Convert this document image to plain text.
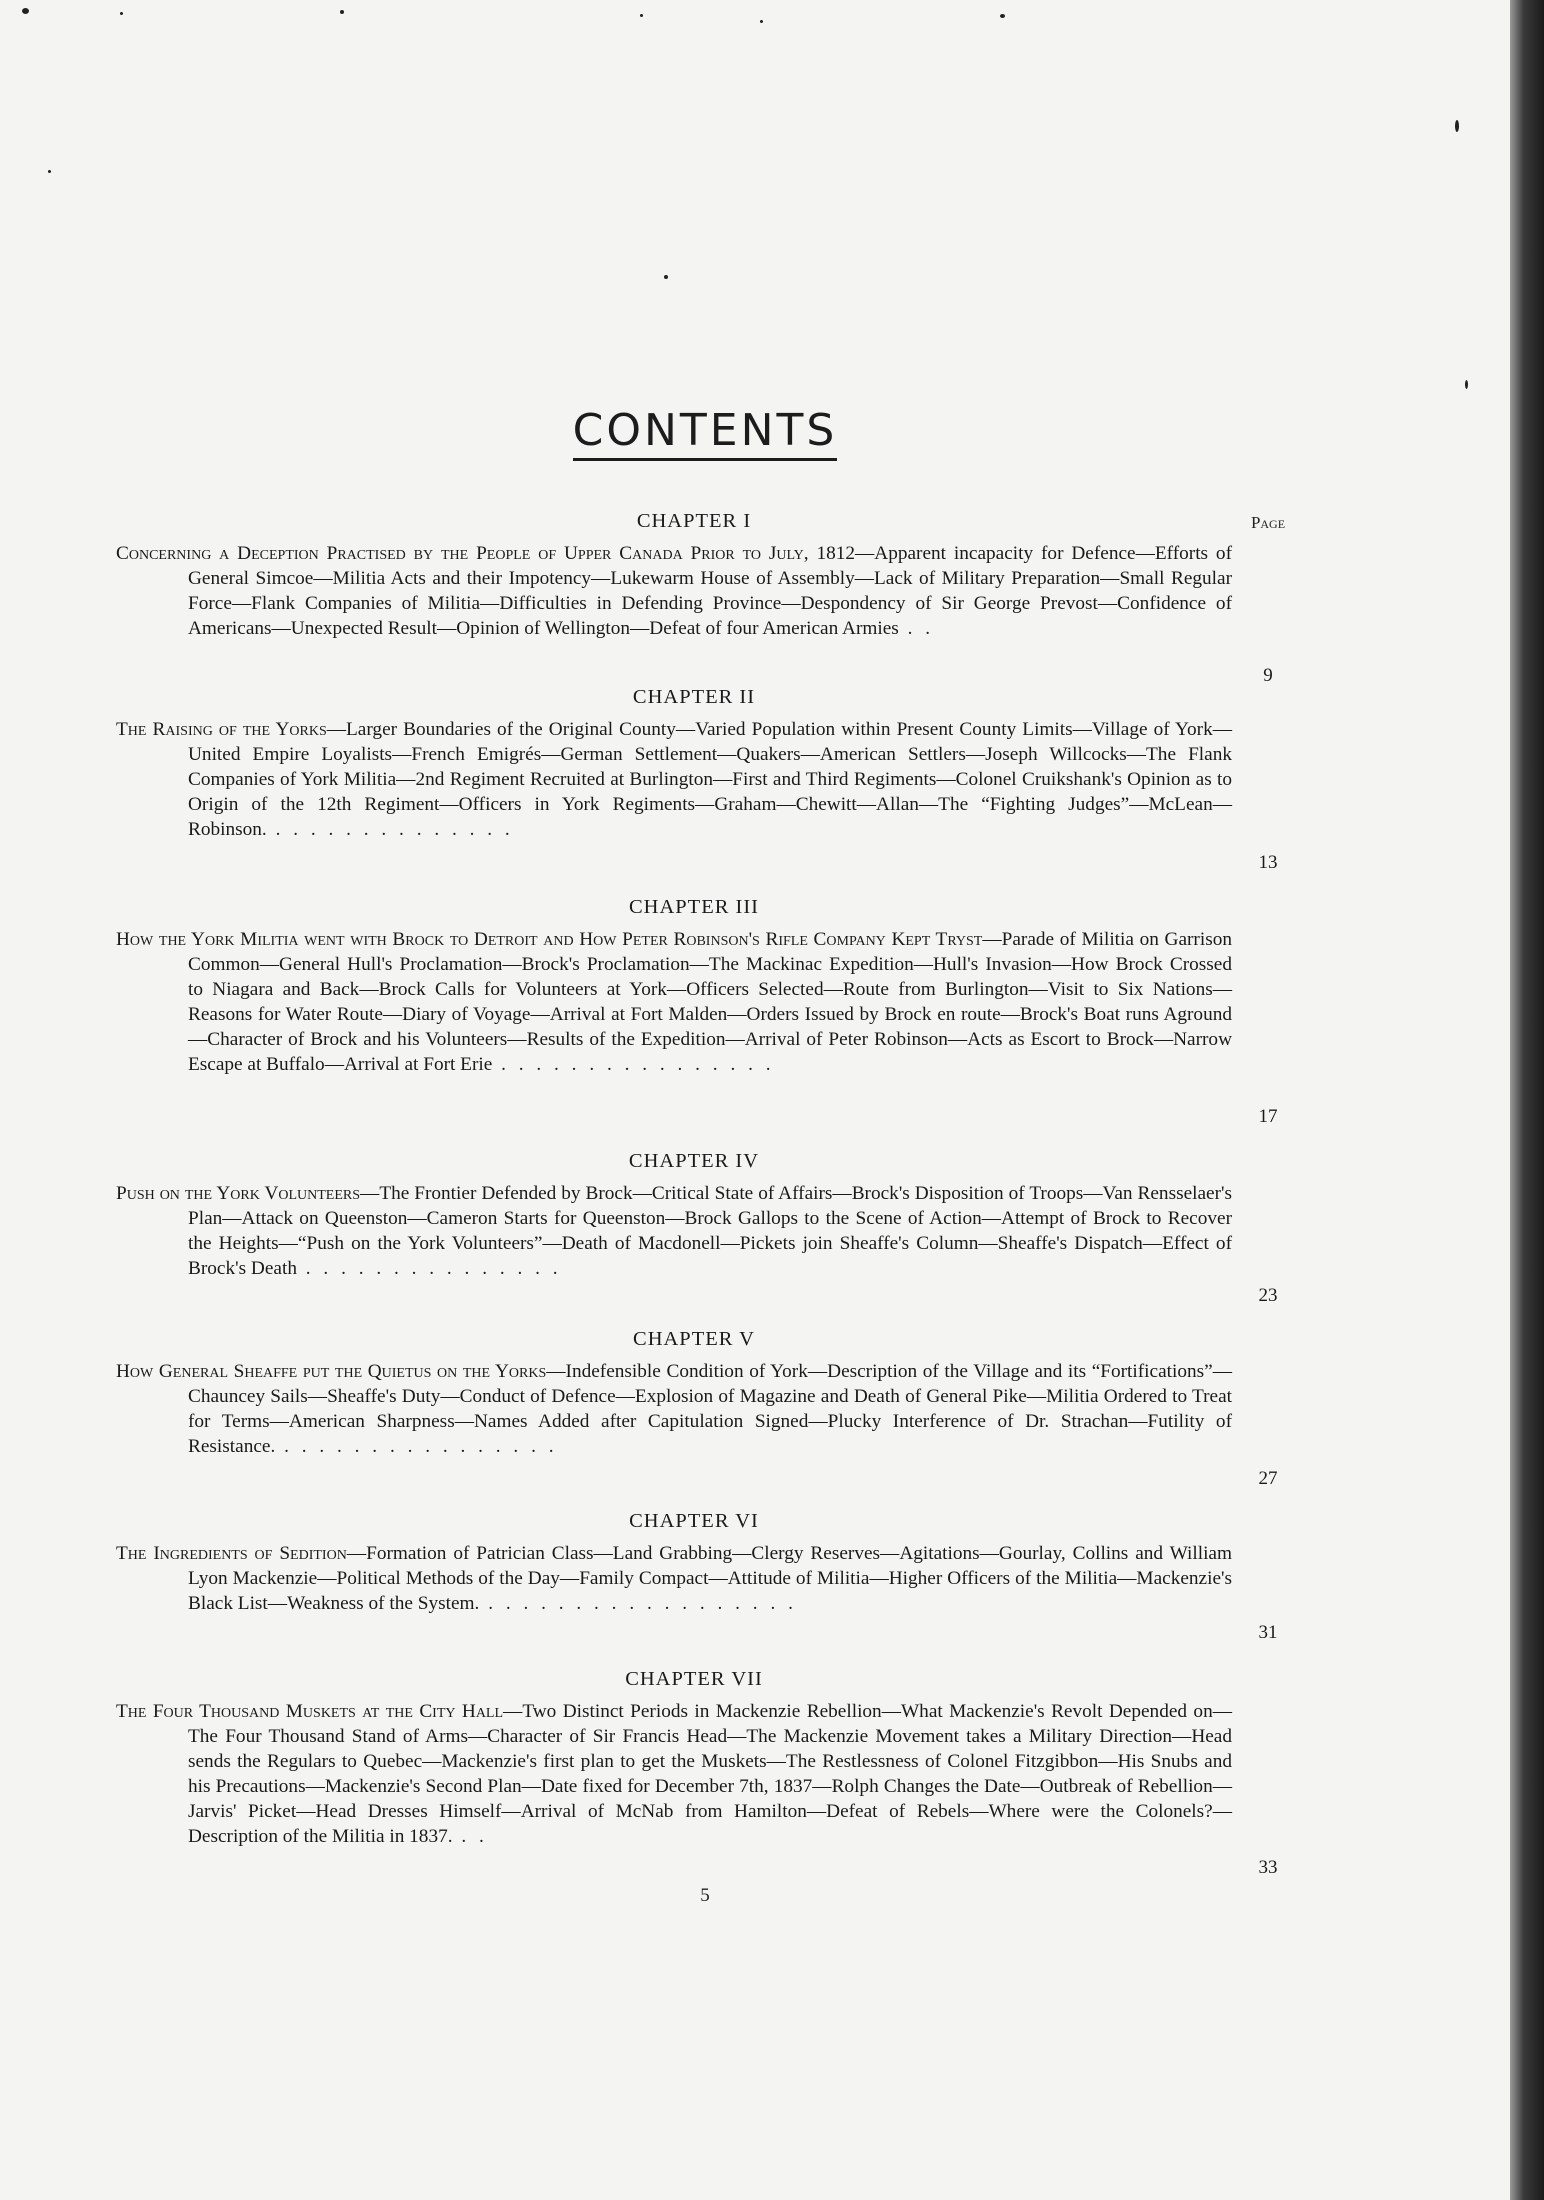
CONTENTS
Page
CHAPTER I
Concerning a Deception Practised by the People of Upper Canada Prior to July, 1812—Apparent incapacity for Defence—Efforts of General Simcoe—Militia Acts and their Impotency—Lukewarm House of Assembly—Lack of Military Preparation—Small Regular Force—Flank Companies of Militia—Difficulties in Defending Province—Despondency of Sir George Prevost—Confidence of Americans—Unexpected Result—Opinion of Wellington—Defeat of four American Armies . .
9
CHAPTER II
The Raising of the Yorks—Larger Boundaries of the Original County—Varied Population within Present County Limits—Village of York—United Empire Loyalists—French Emigrés—German Settlement—Quakers—American Settlers—Joseph Willcocks—The Flank Companies of York Militia—2nd Regiment Recruited at Burlington—First and Third Regiments—Colonel Cruikshank's Opinion as to Origin of the 12th Regiment—Officers in York Regiments—Graham—Chewitt—Allan—The “Fighting Judges”—McLean—Robinson. . . . . . . . . . . . . . .
13
CHAPTER III
How the York Militia went with Brock to Detroit and How Peter Robinson's Rifle Company Kept Tryst—Parade of Militia on Garrison Common—General Hull's Proclamation—Brock's Proclamation—The Mackinac Expedition—Hull's Invasion—How Brock Crossed to Niagara and Back—Brock Calls for Volunteers at York—Officers Selected—Route from Burlington—Visit to Six Nations—Reasons for Water Route—Diary of Voyage—Arrival at Fort Malden—Orders Issued by Brock en route—Brock's Boat runs Aground—Character of Brock and his Volunteers—Results of the Expedition—Arrival of Peter Robinson—Acts as Escort to Brock—Narrow Escape at Buffalo—Arrival at Fort Erie . . . . . . . . . . . . . . . .
17
CHAPTER IV
Push on the York Volunteers—The Frontier Defended by Brock—Critical State of Affairs—Brock's Disposition of Troops—Van Rensselaer's Plan—Attack on Queenston—Cameron Starts for Queenston—Brock Gallops to the Scene of Action—Attempt of Brock to Recover the Heights—“Push on the York Volunteers”—Death of Macdonell—Pickets join Sheaffe's Column—Sheaffe's Dispatch—Effect of Brock's Death . . . . . . . . . . . . . . .
23
CHAPTER V
How General Sheaffe put the Quietus on the Yorks—Indefensible Condition of York—Description of the Village and its “Fortifications”—Chauncey Sails—Sheaffe's Duty—Conduct of Defence—Explosion of Magazine and Death of General Pike—Militia Ordered to Treat for Terms—American Sharpness—Names Added after Capitulation Signed—Plucky Interference of Dr. Strachan—Futility of Resistance. . . . . . . . . . . . . . . . .
27
CHAPTER VI
The Ingredients of Sedition—Formation of Patrician Class—Land Grabbing—Clergy Reserves—Agitations—Gourlay, Collins and William Lyon Mackenzie—Political Methods of the Day—Family Compact—Attitude of Militia—Higher Officers of the Militia—Mackenzie's Black List—Weakness of the System. . . . . . . . . . . . . . . . . . .
31
CHAPTER VII
The Four Thousand Muskets at the City Hall—Two Distinct Periods in Mackenzie Rebellion—What Mackenzie's Revolt Depended on—The Four Thousand Stand of Arms—Character of Sir Francis Head—The Mackenzie Movement takes a Military Direction—Head sends the Regulars to Quebec—Mackenzie's first plan to get the Muskets—The Restlessness of Colonel Fitzgibbon—His Snubs and his Precautions—Mackenzie's Second Plan—Date fixed for December 7th, 1837—Rolph Changes the Date—Outbreak of Rebellion—Jarvis' Picket—Head Dresses Himself—Arrival of McNab from Hamilton—Defeat of Rebels—Where were the Colonels?—Description of the Militia in 1837. . .
33
5
